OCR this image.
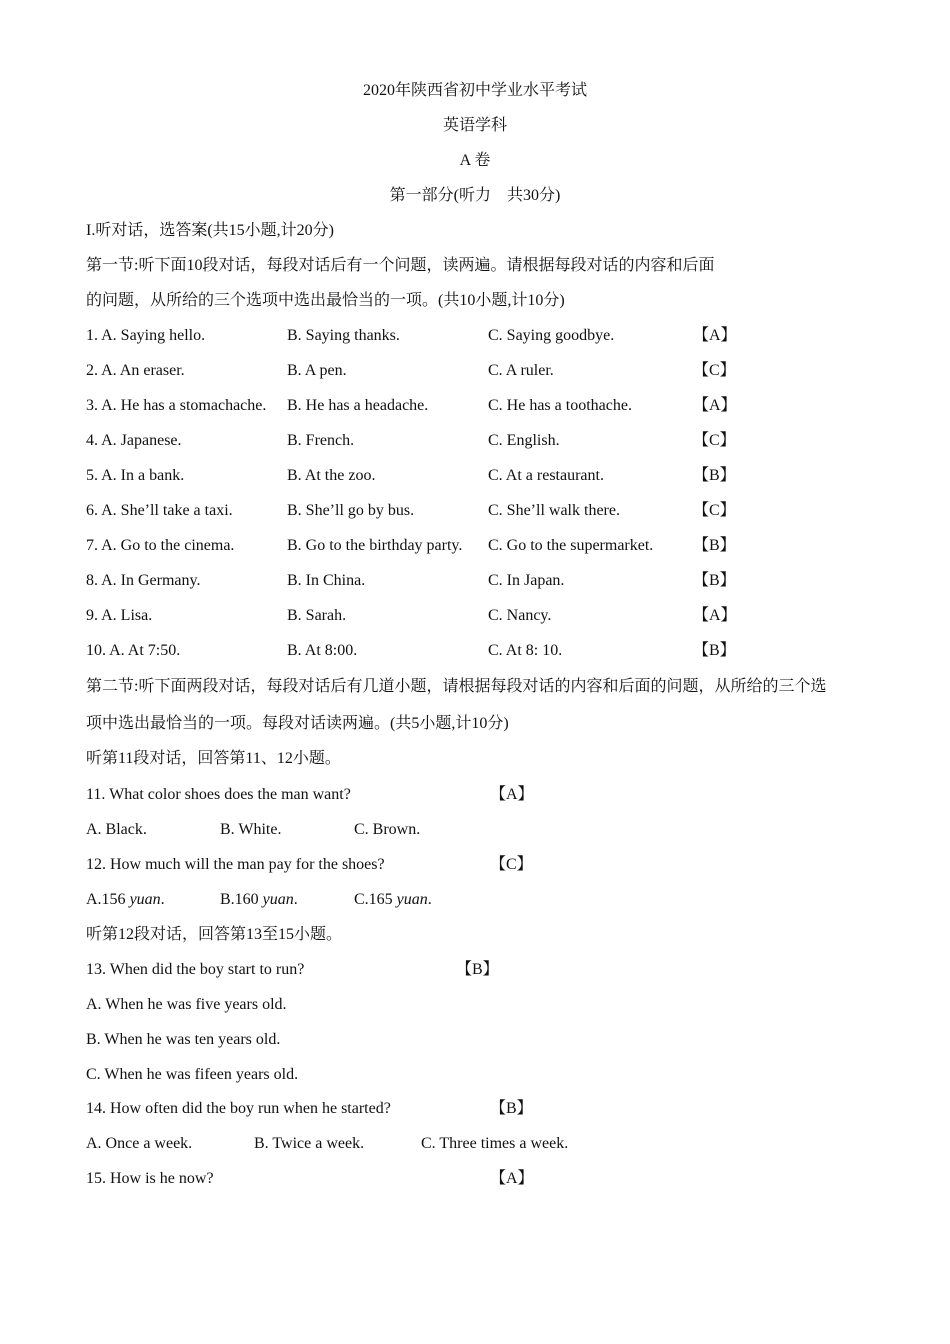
2020年陕西省初中学业水平考试
英语学科
A 卷
第一部分(听力　共30分)
I.听对话，选答案(共15小题,计20分)
第一节:听下面10段对话，每段对话后有一个问题，读两遍。请根据每段对话的内容和后面
的问题，从所给的三个选项中选出最恰当的一项。(共10小题,计10分)
1. A. Saying hello.	B. Saying thanks.	C. Saying goodbye.	【A】
2. A. An eraser.	B. A pen.	C. A ruler.	【C】
3. A. He has a stomachache. B. He has a headache.	C. He has a toothache.	【A】
4. A. Japanese.	B. French.	C. English.	【C】
5. A. In a bank.	B. At the zoo.	C. At a restaurant.	【B】
6. A. She’ll take a taxi.	B. She’ll go by bus.	C. She’ll walk there.	【C】
7. A. Go to the cinema.	B. Go to the birthday party. C. Go to the supermarket. 【B】
8. A. In Germany.	B. In China.	C. In Japan.	【B】
9. A. Lisa.	B. Sarah.	C. Nancy.	【A】
10. A. At 7:50.	B. At 8:00.	C. At 8: 10.	【B】
第二节:听下面两段对话，每段对话后有几道小题，请根据每段对话的内容和后面的问题，从所给的三个选
项中选出最恰当的一项。每段对话读两遍。(共5小题,计10分)
听第11段对话，回答第11、12小题。
11. What color shoes does the man want?	【A】
A. Black.	B. White.	C. Brown.
12. How much will the man pay for the shoes?	【C】
A.156 yuan.	B.160 yuan.	C.165 yuan.
听第12段对话，回答第13至15小题。
13. When did the boy start to run?	【B】
A. When he was five years old.
B. When he was ten years old.
C. When he was fifeen years old.
14. How often did the boy run when he started?	【B】
A. Once a week.	B. Twice a week.	C. Three times a week.
15. How is he now?	【A】
